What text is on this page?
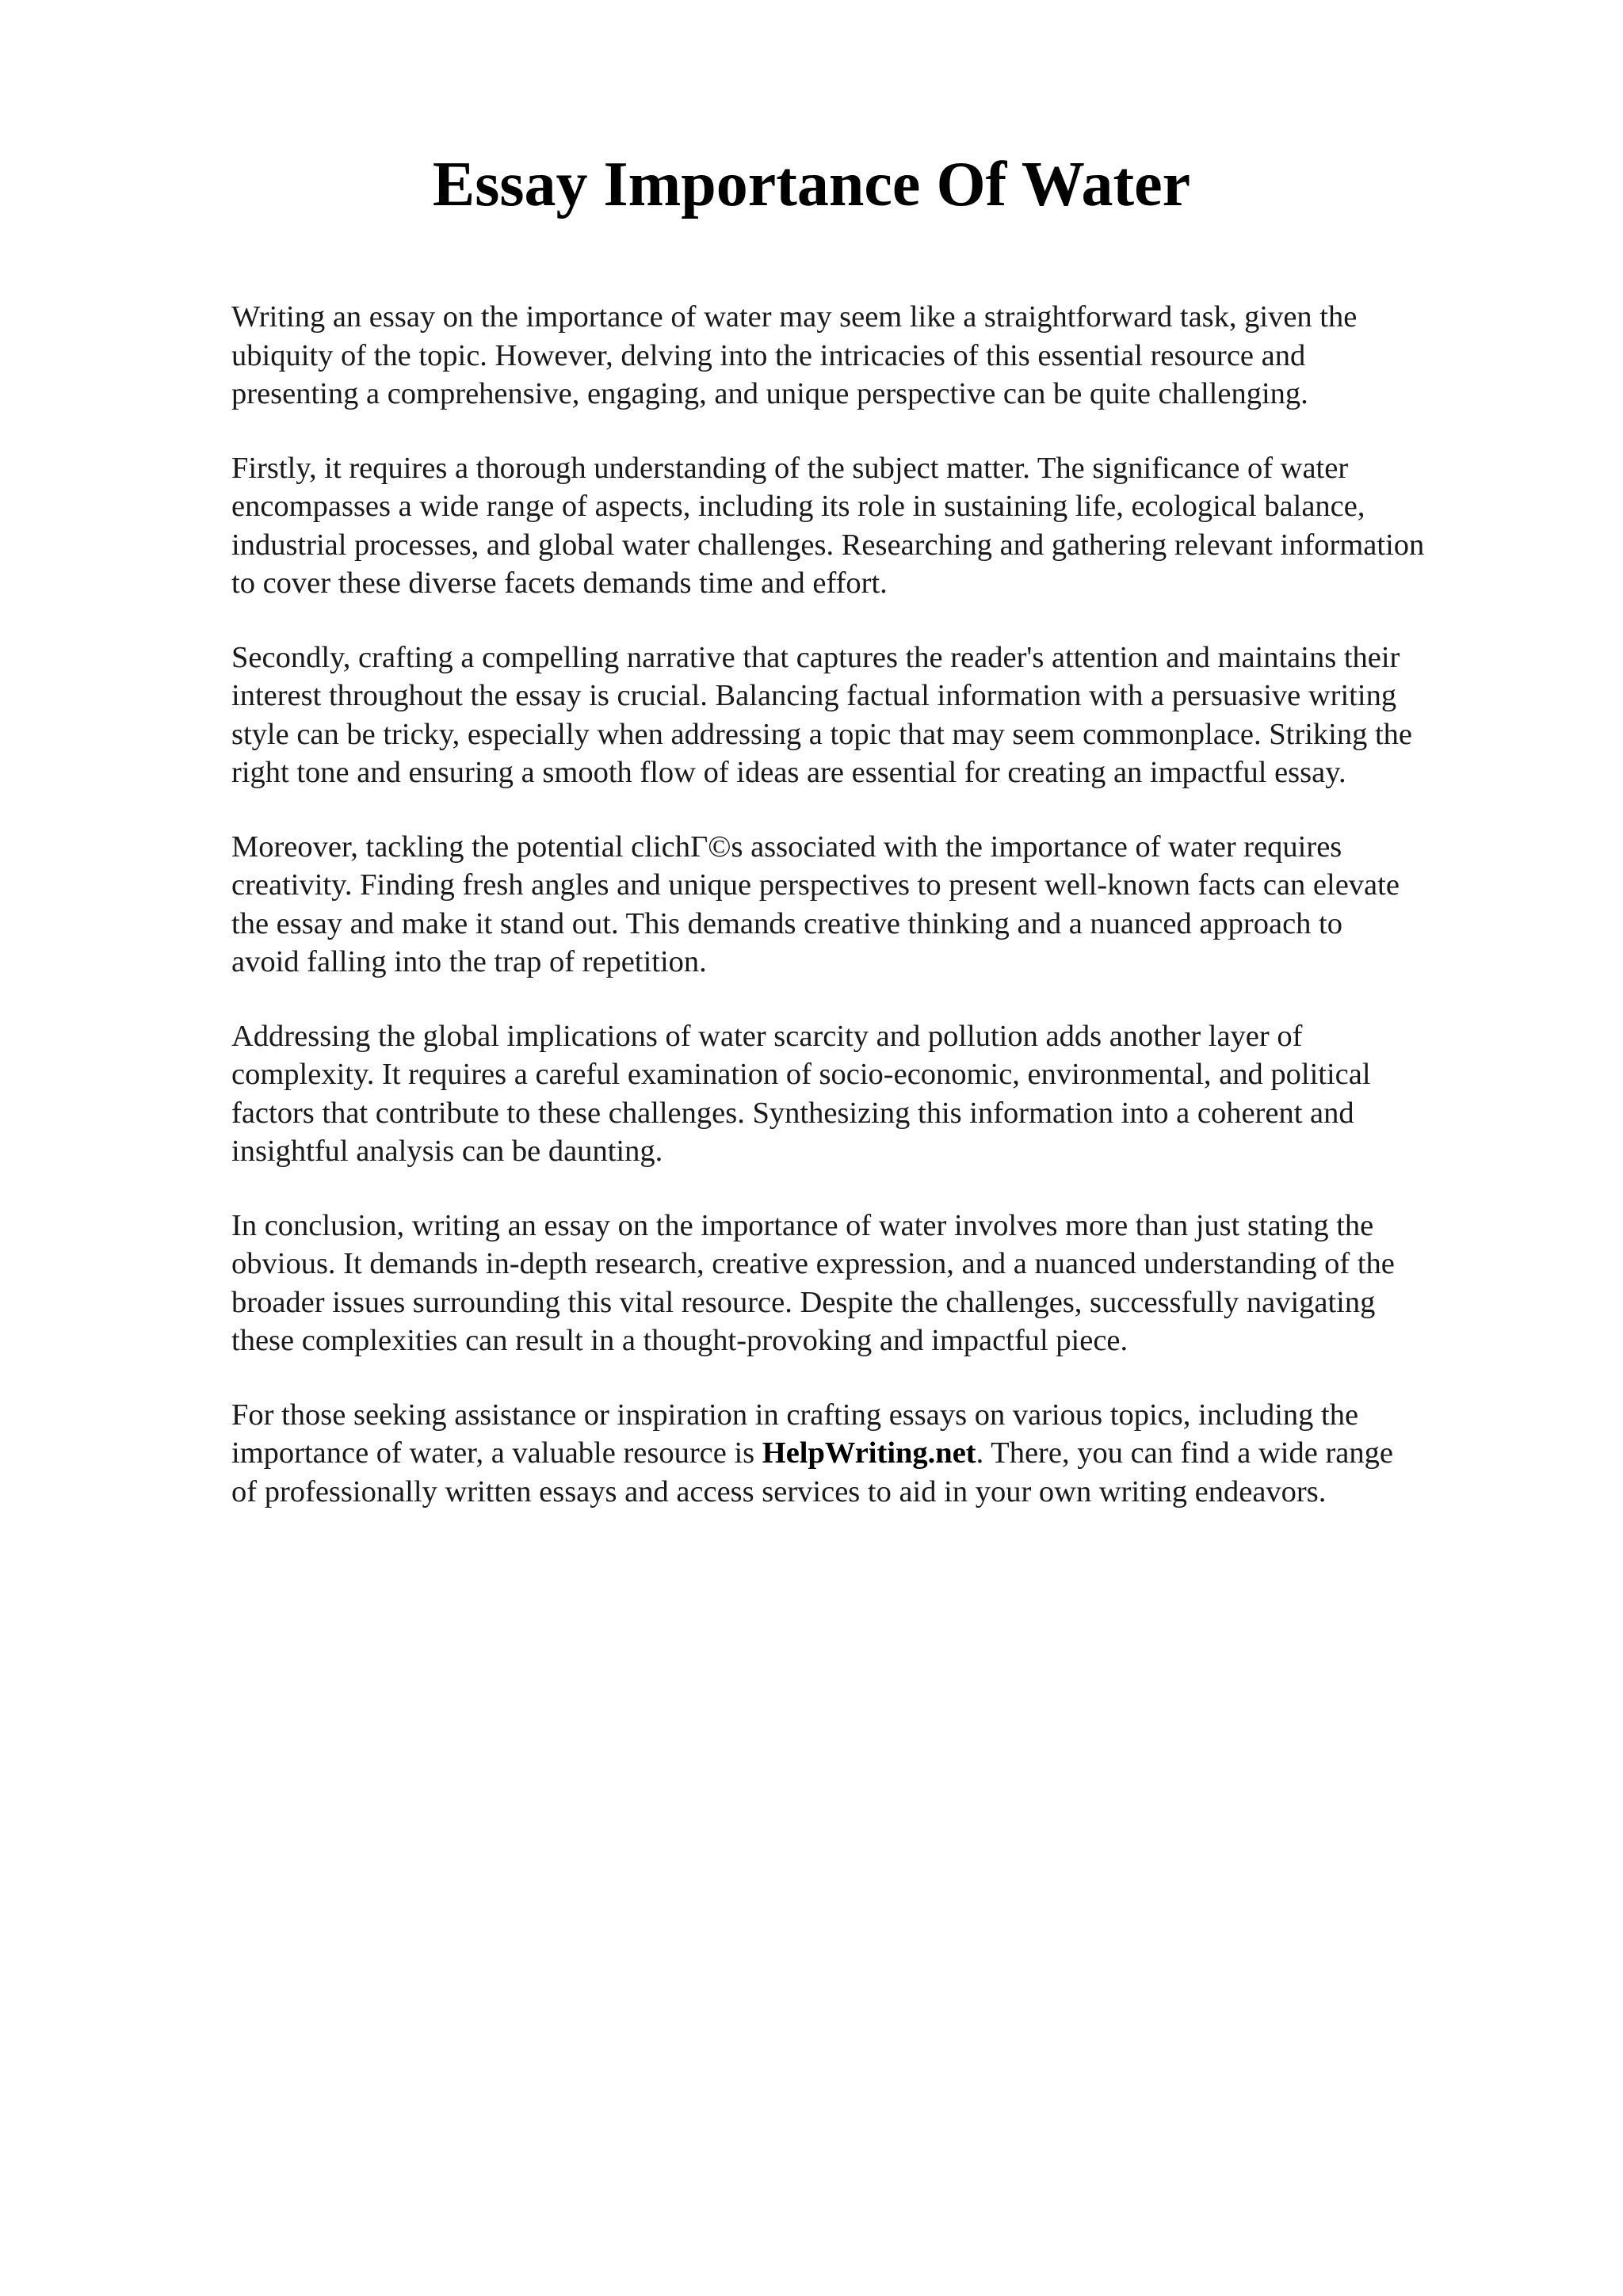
Essay Importance Of Water

Writing an essay on the importance of water may seem like a straightforward task, given the
ubiquity of the topic. However, delving into the intricacies of this essential resource and
presenting a comprehensive, engaging, and unique perspective can be quite challenging.

Firstly, it requires a thorough understanding of the subject matter. The significance of water
encompasses a wide range of aspects, including its role in sustaining life, ecological balance,
industrial processes, and global water challenges. Researching and gathering relevant information
to cover these diverse facets demands time and effort.

Secondly, crafting a compelling narrative that captures the reader's attention and maintains their
interest throughout the essay is crucial. Balancing factual information with a persuasive writing
style can be tricky, especially when addressing a topic that may seem commonplace. Striking the
right tone and ensuring a smooth flow of ideas are essential for creating an impactful essay.

Moreover, tackling the potential clichГ©s associated with the importance of water requires
creativity. Finding fresh angles and unique perspectives to present well-known facts can elevate
the essay and make it stand out. This demands creative thinking and a nuanced approach to
avoid falling into the trap of repetition.

Addressing the global implications of water scarcity and pollution adds another layer of
complexity. It requires a careful examination of socio-economic, environmental, and political
factors that contribute to these challenges. Synthesizing this information into a coherent and
insightful analysis can be daunting.

In conclusion, writing an essay on the importance of water involves more than just stating the
obvious. It demands in-depth research, creative expression, and a nuanced understanding of the
broader issues surrounding this vital resource. Despite the challenges, successfully navigating
these complexities can result in a thought-provoking and impactful piece.

For those seeking assistance or inspiration in crafting essays on various topics, including the
importance of water, a valuable resource is HelpWriting.net. There, you can find a wide range
of professionally written essays and access services to aid in your own writing endeavors.
